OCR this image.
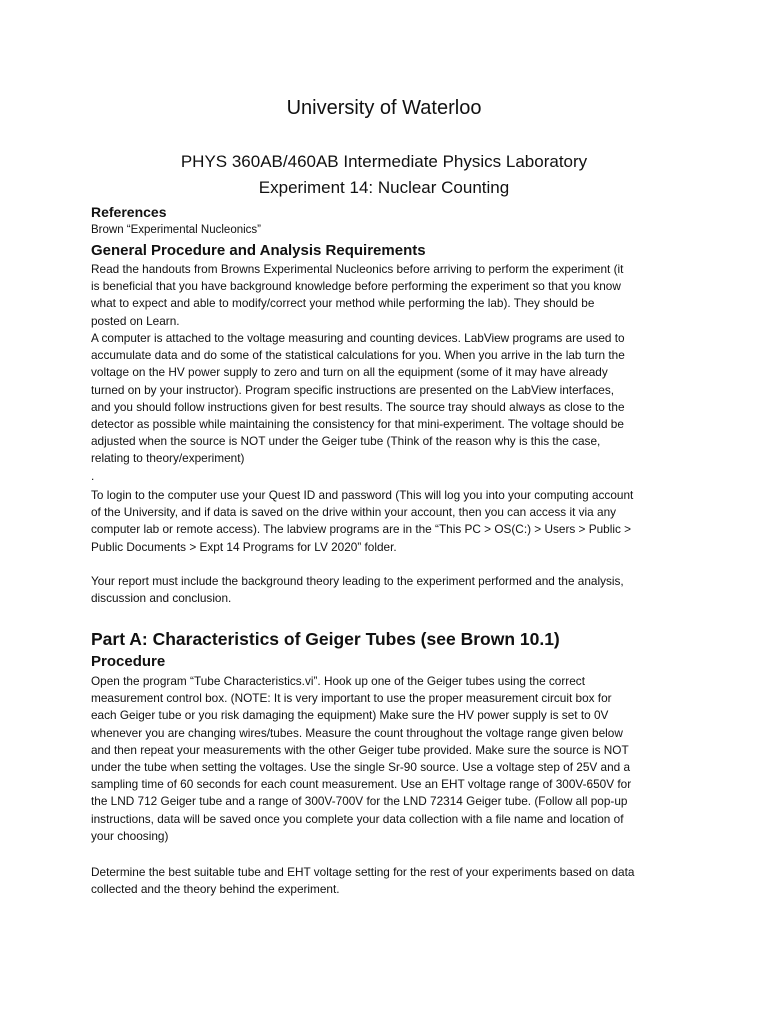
University of Waterloo
PHYS 360AB/460AB Intermediate Physics Laboratory
Experiment 14: Nuclear Counting
References
Brown “Experimental Nucleonics”
General Procedure and Analysis Requirements
Read the handouts from Browns Experimental Nucleonics before arriving to perform the experiment (it
is beneficial that you have background knowledge before performing the experiment so that you know
what to expect and able to modify/correct your method while performing the lab). They should be
posted on Learn.
A computer is attached to the voltage measuring and counting devices. LabView programs are used to
accumulate data and do some of the statistical calculations for you. When you arrive in the lab turn the
voltage on the HV power supply to zero and turn on all the equipment (some of it may have already
turned on by your instructor). Program specific instructions are presented on the LabView interfaces,
and you should follow instructions given for best results. The source tray should always as close to the
detector as possible while maintaining the consistency for that mini-experiment. The voltage should be
adjusted when the source is NOT under the Geiger tube (Think of the reason why is this the case,
relating to theory/experiment)
.
To login to the computer use your Quest ID and password (This will log you into your computing account
of the University, and if data is saved on the drive within your account, then you can access it via any
computer lab or remote access). The labview programs are in the “This PC > OS(C:) > Users > Public >
Public Documents > Expt 14 Programs for LV 2020” folder.
Your report must include the background theory leading to the experiment performed and the analysis,
discussion and conclusion.
Part A: Characteristics of Geiger Tubes (see Brown 10.1)
Procedure
Open the program “Tube Characteristics.vi”. Hook up one of the Geiger tubes using the correct
measurement control box. (NOTE: It is very important to use the proper measurement circuit box for
each Geiger tube or you risk damaging the equipment) Make sure the HV power supply is set to 0V
whenever you are changing wires/tubes. Measure the count throughout the voltage range given below
and then repeat your measurements with the other Geiger tube provided. Make sure the source is NOT
under the tube when setting the voltages. Use the single Sr-90 source. Use a voltage step of 25V and a
sampling time of 60 seconds for each count measurement. Use an EHT voltage range of 300V-650V for
the LND 712 Geiger tube and a range of 300V-700V for the LND 72314 Geiger tube. (Follow all pop-up
instructions, data will be saved once you complete your data collection with a file name and location of
your choosing)
Determine the best suitable tube and EHT voltage setting for the rest of your experiments based on data
collected and the theory behind the experiment.
